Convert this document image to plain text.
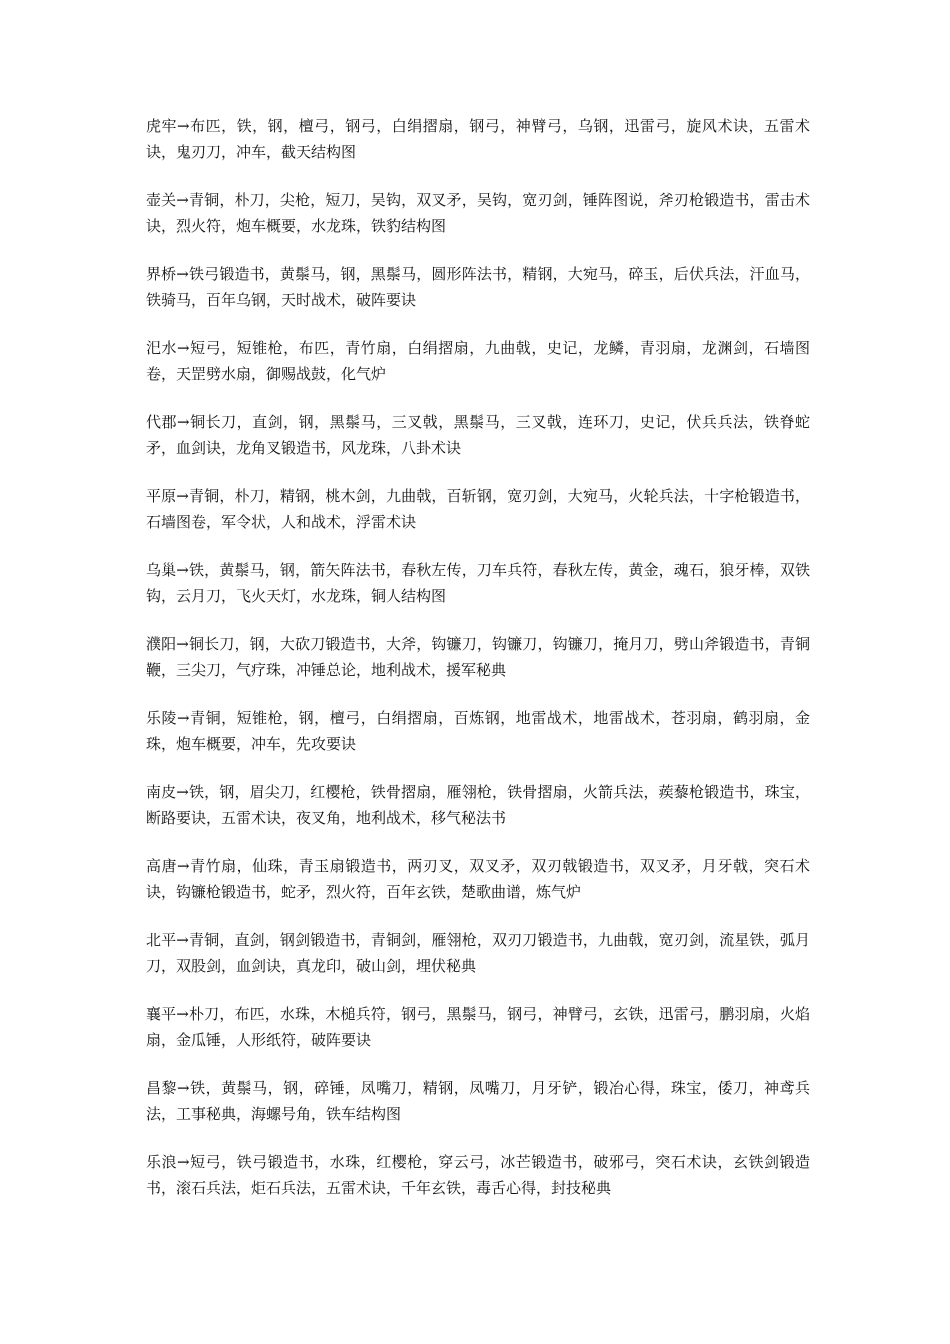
虎牢→布匹，铁，钢，檀弓，钢弓，白绢摺扇，钢弓，神臂弓，乌钢，迅雷弓，旋风术诀，五雷术诀，鬼刃刀，冲车，截天结构图

壶关→青铜，朴刀，尖枪，短刀，吴钩，双叉矛，吴钩，宽刃剑，锤阵图说，斧刃枪锻造书，雷击术诀，烈火符，炮车概要，水龙珠，铁豹结构图

界桥→铁弓锻造书，黄鬃马，钢，黑鬃马，圆形阵法书，精钢，大宛马，碎玉，后伏兵法，汗血马，铁骑马，百年乌钢，天时战术，破阵要诀

汜水→短弓，短锥枪，布匹，青竹扇，白绢摺扇，九曲戟，史记，龙鳞，青羽扇，龙渊剑，石墙图卷，天罡劈水扇，御赐战鼓，化气炉

代郡→铜长刀，直剑，钢，黑鬃马，三叉戟，黑鬃马，三叉戟，连环刀，史记，伏兵兵法，铁脊蛇矛，血剑诀，龙角叉锻造书，风龙珠，八卦术诀

平原→青铜，朴刀，精钢，桃木剑，九曲戟，百斩钢，宽刃剑，大宛马，火轮兵法，十字枪锻造书，石墙图卷，军令状，人和战术，浮雷术诀

乌巢→铁，黄鬃马，钢，箭矢阵法书，春秋左传，刀车兵符，春秋左传，黄金，魂石，狼牙棒，双铁钩，云月刀，飞火天灯，水龙珠，铜人结构图

濮阳→铜长刀，钢，大砍刀锻造书，大斧，钩镰刀，钩镰刀，钩镰刀，掩月刀，劈山斧锻造书，青铜鞭，三尖刀，气疗珠，冲锤总论，地利战术，援军秘典

乐陵→青铜，短锥枪，钢，檀弓，白绢摺扇，百炼钢，地雷战术，地雷战术，苍羽扇，鹤羽扇，金珠，炮车概要，冲车，先攻要诀

南皮→铁，钢，眉尖刀，红樱枪，铁骨摺扇，雁翎枪，铁骨摺扇，火箭兵法，蒺藜枪锻造书，珠宝，断路要诀，五雷术诀，夜叉角，地利战术，移气秘法书

高唐→青竹扇，仙珠，青玉扇锻造书，两刃叉，双叉矛，双刃戟锻造书，双叉矛，月牙戟，突石术诀，钩镰枪锻造书，蛇矛，烈火符，百年玄铁，楚歌曲谱，炼气炉

北平→青铜，直剑，钢剑锻造书，青铜剑，雁翎枪，双刃刀锻造书，九曲戟，宽刃剑，流星铁，弧月刀，双股剑，血剑诀，真龙印，破山剑，埋伏秘典

襄平→朴刀，布匹，水珠，木槌兵符，钢弓，黑鬃马，钢弓，神臂弓，玄铁，迅雷弓，鹏羽扇，火焰扇，金瓜锤，人形纸符，破阵要诀

昌黎→铁，黄鬃马，钢，碎锤，凤嘴刀，精钢，凤嘴刀，月牙铲，锻冶心得，珠宝，倭刀，神鸢兵法，工事秘典，海螺号角，铁车结构图

乐浪→短弓，铁弓锻造书，水珠，红樱枪，穿云弓，冰芒锻造书，破邪弓，突石术诀，玄铁剑锻造书，滚石兵法，炬石兵法，五雷术诀，千年玄铁，毒舌心得，封技秘典
